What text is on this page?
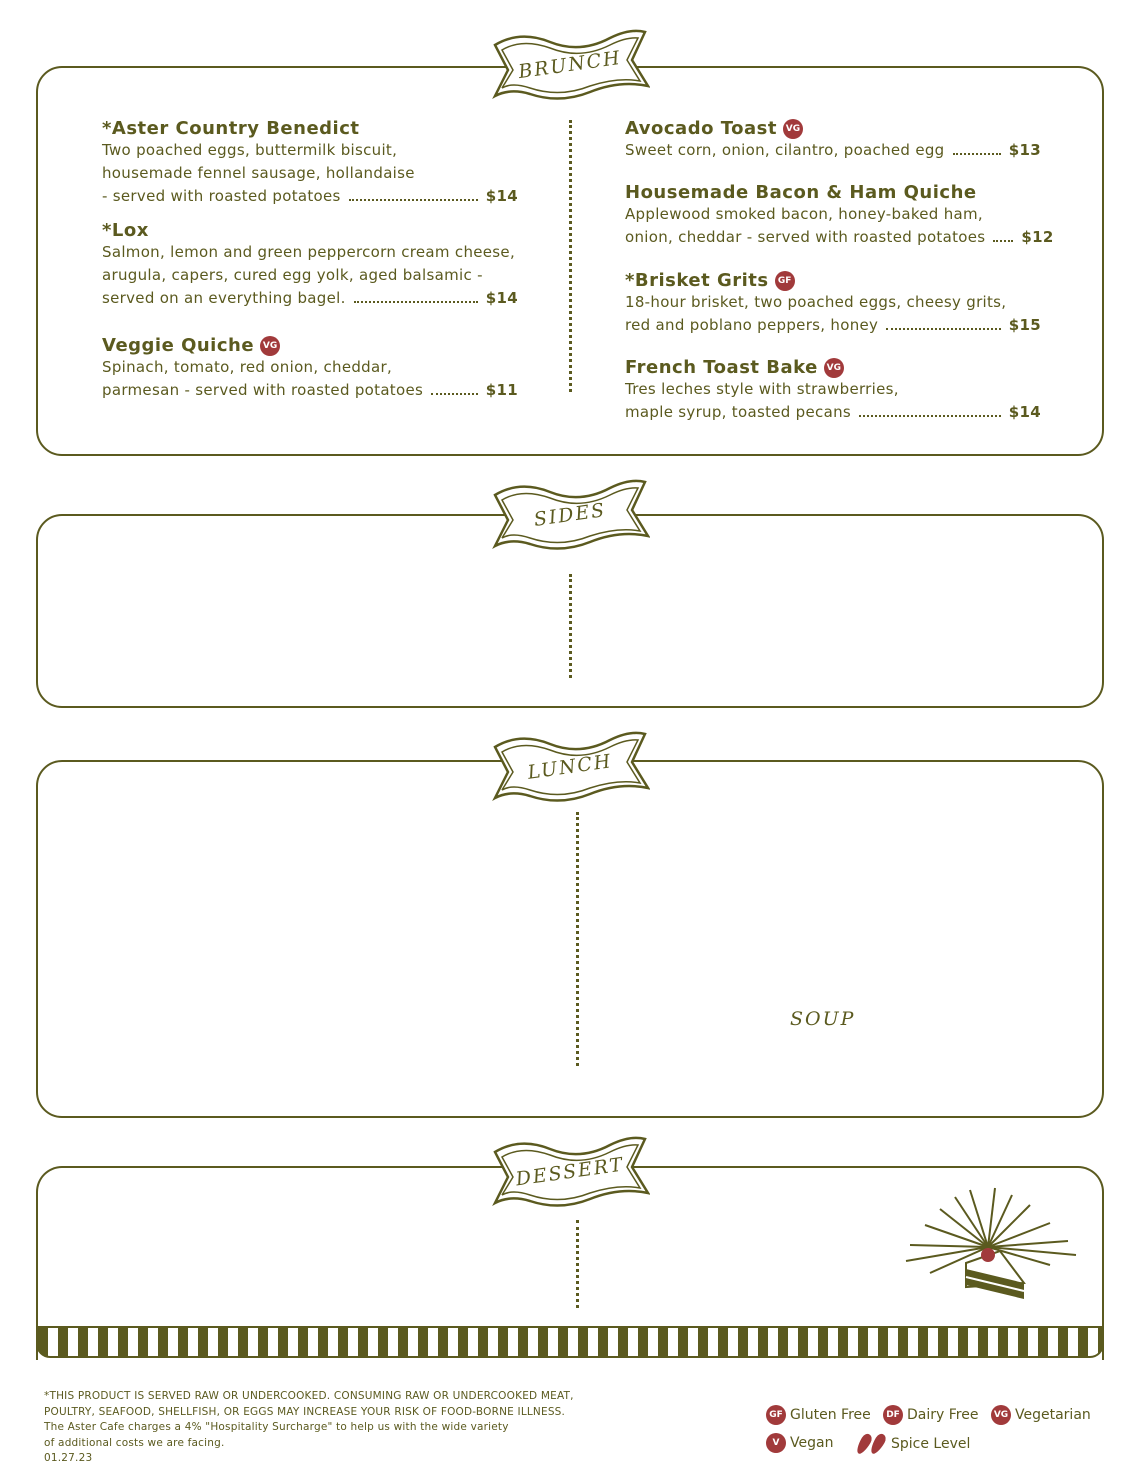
*Aster Country Benedict
Two poached eggs, buttermilk biscuit,
housemade fennel sausage, hollandaise
- served with roasted potatoes	$14
*Lox
Salmon, lemon and green peppercorn cream cheese,
arugula, capers, cured egg yolk, aged balsamic -
served on an everything bagel.	$14
Veggie Quiche VG
Spinach, tomato, red onion, cheddar,
parmesan - served with roasted potatoes	$11
Avocado Toast VG
Sweet corn, onion, cilantro, poached egg	$13
Housemade Bacon & Ham Quiche
Applewood smoked bacon, honey-baked ham,
onion, cheddar - served with roasted potatoes $12
*Brisket Grits	GF
18-hour brisket, two poached eggs, cheesy grits,
red and poblano peppers, honey	$15
French Toast Bake VG
Tres leches style with strawberries,
maple syrup, toasted pecans	$14
SOUP
BRUNCH
SIDES
LUNCH
DESSERT
*THIS PRODUCT IS SERVED RAW OR UNDERCOOKED. CONSUMING RAW OR UNDERCOOKED MEAT,
POULTRY, SEAFOOD, SHELLFISH, OR EGGS MAY INCREASE YOUR RISK OF FOOD-BORNE ILLNESS.
The Aster Cafe charges a 4% "Hospitality Surcharge" to help us with the wide variety
of additional costs we are facing.
01.27.23
GF Gluten Free	DF Dairy Free	VG Vegetarian
V Vegan	Spice Level
